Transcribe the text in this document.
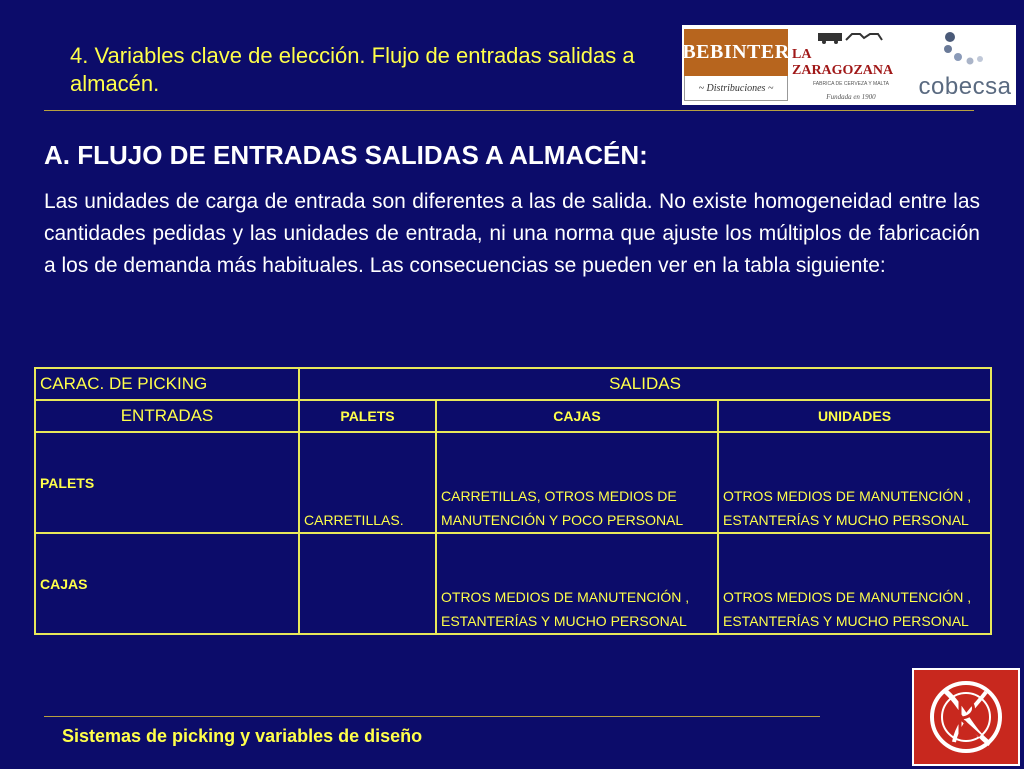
4. Variables clave de elección. Flujo de entradas salidas a almacén.
BEBINTER
~ Distribuciones ~
LA ZARAGOZANA
FABRICA DE CERVEZA Y MALTA
Fundada en 1900 cobecsa
A. FLUJO DE ENTRADAS SALIDAS A ALMACÉN:
Las unidades de carga de entrada son diferentes a las de salida. No existe homogeneidad entre las cantidades pedidas y las unidades de entrada, ni una norma que ajuste los múltiplos de fabricación a los de demanda más habituales. Las consecuencias se pueden ver en la tabla siguiente:
CARAC. DE PICKING	SALIDAS		
ENTRADAS	PALETS	CAJAS	UNIDADES
PALETS	CARRETILLAS.	CARRETILLAS, OTROS MEDIOS DE MANUTENCIÓN Y POCO PERSONAL	OTROS MEDIOS DE MANUTENCIÓN , ESTANTERÍAS Y MUCHO PERSONAL
CAJAS		OTROS MEDIOS DE MANUTENCIÓN , ESTANTERÍAS Y MUCHO PERSONAL	OTROS MEDIOS DE MANUTENCIÓN , ESTANTERÍAS Y MUCHO PERSONAL
Sistemas de picking y variables de diseño
